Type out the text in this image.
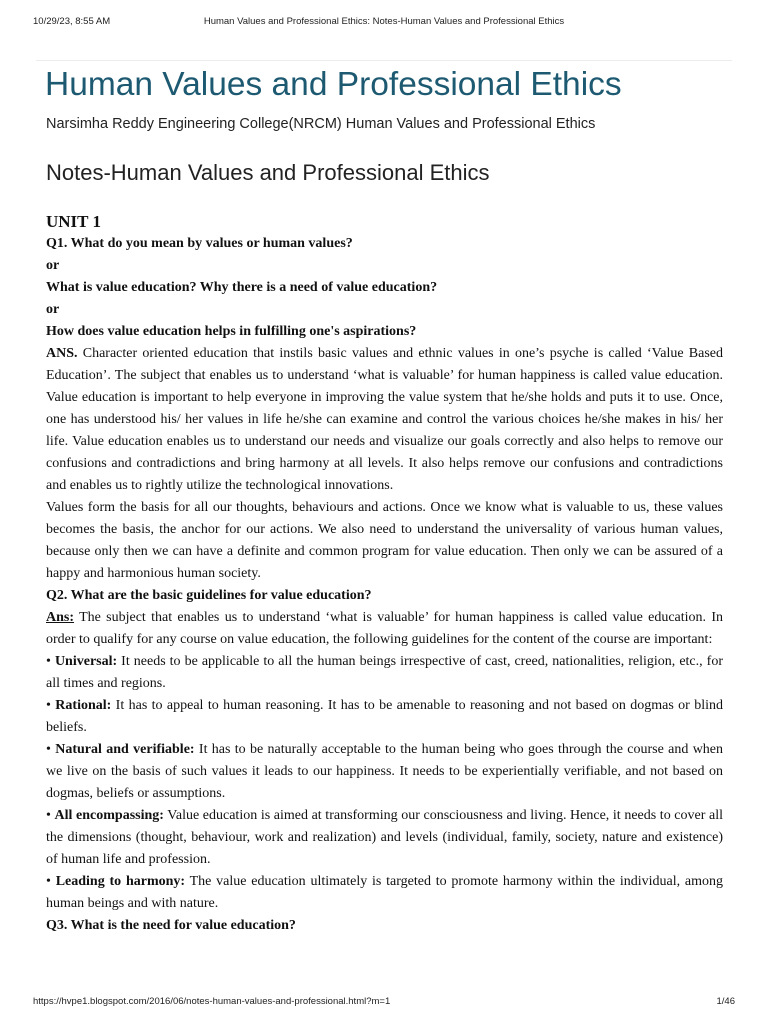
10/29/23, 8:55 AM	Human Values and Professional Ethics: Notes-Human Values and Professional Ethics
Human Values and Professional Ethics
Narsimha Reddy Engineering College(NRCM) Human Values and Professional Ethics
Notes-Human Values and Professional Ethics

UNIT 1

Q1. What do you mean by values or human values?

or

What is value education? Why there is a need of value education?

or

How does value education helps in fulfilling one's aspirations?

ANS. Character oriented education that instils basic values and ethnic values in one’s psyche is called ‘Value Based Education’. The subject that enables us to understand ‘what is valuable’ for human happiness is called value education. Value education is important to help everyone in improving the value system that he/she holds and puts it to use. Once, one has understood his/ her values in life he/she can examine and control the various choices he/she makes in his/ her life. Value education enables us to understand our needs and visualize our goals correctly and also helps to remove our confusions and contradictions and bring harmony at all levels. It also helps remove our confusions and contradictions and enables us to rightly utilize the technological innovations.

Values form the basis for all our thoughts, behaviours and actions. Once we know what is valuable to us, these values becomes the basis, the anchor for our actions. We also need to understand the universality of various human values, because only then we can have a definite and common program for value education. Then only we can be assured of a happy and harmonious human society.

Q2. What are the basic guidelines for value education?

Ans: The subject that enables us to understand ‘what is valuable’ for human happiness is called value education. In order to qualify for any course on value education, the following guidelines for the content of the course are important:

• Universal: It needs to be applicable to all the human beings irrespective of cast, creed, nationalities, religion, etc., for all times and regions.

• Rational: It has to appeal to human reasoning. It has to be amenable to reasoning and not based on dogmas or blind beliefs.

• Natural and verifiable: It has to be naturally acceptable to the human being who goes through the course and when we live on the basis of such values it leads to our happiness. It needs to be experientially verifiable, and not based on dogmas, beliefs or assumptions.

• All encompassing: Value education is aimed at transforming our consciousness and living. Hence, it needs to cover all the dimensions (thought, behaviour, work and realization) and levels (individual, family, society, nature and existence) of human life and profession.

• Leading to harmony: The value education ultimately is targeted to promote harmony within the individual, among human beings and with nature.

Q3. What is the need for value education?

https://hvpe1.blogspot.com/2016/06/notes-human-values-and-professional.html?m=1	1/46
